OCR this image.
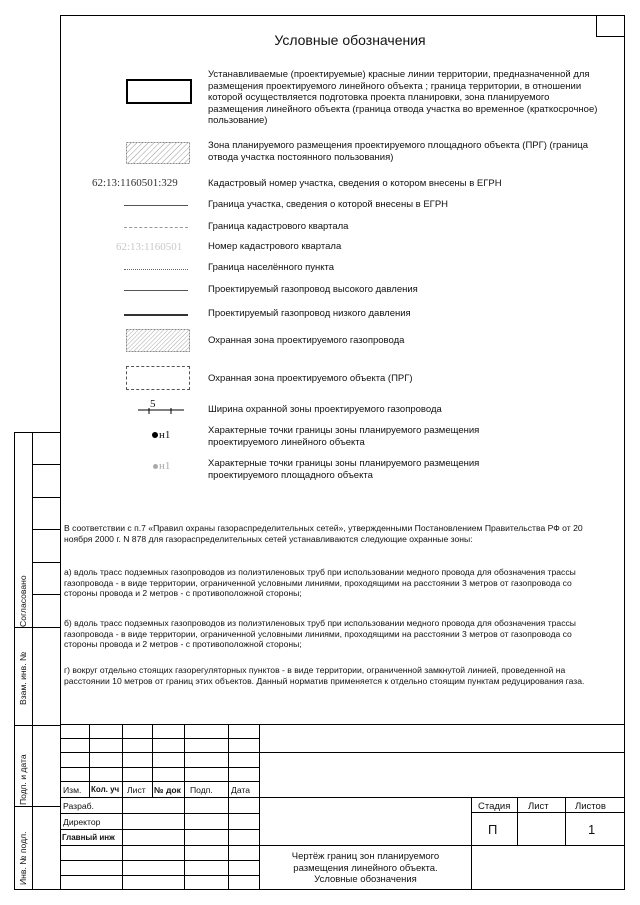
Согласовано
Взам. инв. №
Подп. и дата
Инв. № подл.
Условные обозначения
62:13:1160501:329
62:13:1160501
5
н1
н1
Устанавливаемые (проектируемые) красные линии территории, предназначенной для размещения проектируемого линейного объекта ; граница территории, в отношении которой осуществляется подготовка проекта планировки, зона планируемого размещения линейного объекта (граница отвода участка во временное (краткосрочное) пользование)
Зона планируемого размещения проектируемого площадного объекта (ПРГ) (граница отвода участка постоянного пользования)
Кадастровый номер участка, сведения о котором внесены в ЕГРН
Граница участка, сведения о которой внесены в ЕГРН
Граница кадастрового квартала
Номер кадастрового квартала
Граница населённого пункта
Проектируемый газопровод высокого давления
Проектируемый газопровод низкого давления
Охранная зона проектируемого газопровода
Охранная зона проектируемого объекта (ПРГ)
Ширина охранной зоны проектируемого газопровода
Характерные точки границы зоны планируемого размещения проектируемого линейного объекта
Характерные точки границы зоны планируемого размещения проектируемого площадного объекта
В соответствии с п.7 «Правил охраны газораспределительных сетей», утвержденными Постановлением Правительства РФ от 20 ноября 2000 г. N 878 для газораспределительных сетей устанавливаются следующие охранные зоны:
а) вдоль трасс подземных газопроводов из полиэтиленовых труб при использовании медного провода для обозначения трассы газопровода - в виде территории, ограниченной условными линиями, проходящими на расстоянии 3 метров от газопровода со стороны провода и 2 метров - с противоположной стороны;
б) вдоль трасс подземных газопроводов из полиэтиленовых труб при использовании медного провода для обозначения трассы газопровода - в виде территории, ограниченной условными линиями, проходящими на расстоянии 3 метров от газопровода со стороны провода и 2 метров - с противоположной стороны;
г) вокруг отдельно стоящих газорегуляторных пунктов - в виде территории, ограниченной замкнутой линией, проведенной на расстоянии 10 метров от границ этих объектов. Данный норматив применяется к отдельно стоящим пунктам редуцирования газа.
Изм. Кол. уч Лист № док Подп. Дата
Разраб.
Директор
Главный инж
Стадия Лист	Листов
П	1
Чертёж границ зон планируемого
размещения линейного объекта.
Условные обозначения
